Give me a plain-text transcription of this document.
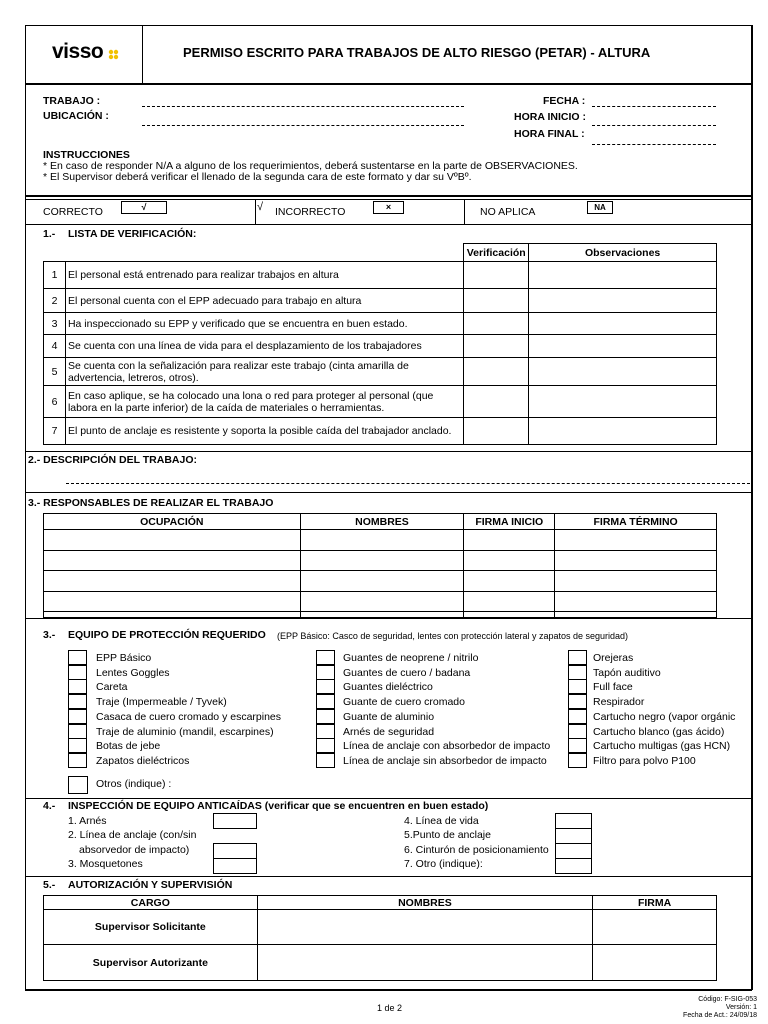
visso	PERMISO ESCRITO PARA TRABAJOS DE ALTO RIESGO (PETAR) - ALTURA
TRABAJO :
UBICACIÓN :
FECHA :
HORA INICIO :
HORA FINAL :
INSTRUCCIONES
* En caso de responder N/A a alguno de los requerimientos, deberá sustentarse en la parte de OBSERVACIONES.
* El Supervisor deberá verificar el llenado de la segunda cara de este formato y dar su VºBº.
CORRECTO	√	√ INCORRECTO	×	NO APLICA	NA
1.- LISTA DE VERIFICACIÓN:
		Verificación	Observaciones
1	El personal está entrenado para realizar trabajos en altura		
2	El personal cuenta con el EPP adecuado para trabajo en altura		
3	Ha inspeccionado su EPP y verificado que se encuentra en buen estado.		
4	Se cuenta con una línea de vida para el desplazamiento de los trabajadores		
5	Se cuenta con la señalización para realizar este trabajo (cinta amarilla de advertencia, letreros, otros).		
6	En caso aplique, se ha colocado una lona o red para proteger al personal (que labora en la parte inferior) de la caída de materiales o herramientas.		
7	El punto de anclaje es resistente y soporta la posible caída del trabajador anclado.		
2.- DESCRIPCIÓN DEL TRABAJO:
3.- RESPONSABLES DE REALIZAR EL TRABAJO
OCUPACIÓN	NOMBRES	FIRMA INICIO	FIRMA TÉRMINO

3.- EQUIPO DE PROTECCIÓN REQUERIDO (EPP Básico: Casco de seguridad, lentes con protección lateral y zapatos de seguridad)
EPP Básico
Lentes Goggles
Careta
Traje (Impermeable / Tyvek)
Casaca de cuero cromado y escarpines
Traje de aluminio (mandil, escarpines)
Botas de jebe
Zapatos dieléctricos
Guantes de neoprene / nitrilo
Guantes de cuero / badana
Guantes dieléctrico
Guante de cuero cromado
Guante de aluminio
Arnés de seguridad
Línea de anclaje con absorbedor de impacto
Línea de anclaje sin absorbedor de impacto
Orejeras
Tapón auditivo
Full face
Respirador
Cartucho negro (vapor orgánic
Cartucho blanco (gas ácido)
Cartucho multigas (gas HCN)
Filtro para polvo P100
Otros (indique) :
4.- INSPECCIÓN DE EQUIPO ANTICAÍDAS (verificar que se encuentren en buen estado)
1. Arnés
2. Línea de anclaje (con/sin
absorvedor de impacto)
3. Mosquetones
4. Línea de vida
5.Punto de anclaje
6. Cinturón de posicionamiento
7. Otro (indique):
5.- AUTORIZACIÓN Y SUPERVISIÓN
CARGO	NOMBRES	FIRMA
Supervisor Solicitante		
Supervisor Autorizante		
1 de 2
Código: F-SIG-053
Versión: 1
Fecha de Act.: 24/09/18
